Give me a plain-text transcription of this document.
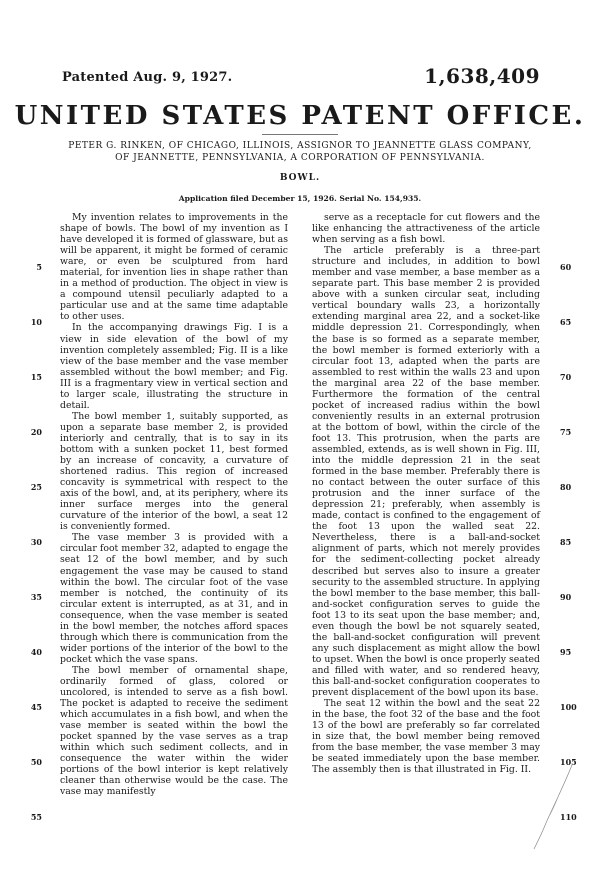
Patented Aug. 9, 1927.	1,638,409
UNITED STATES PATENT OFFICE.
PETER G. RINKEN, OF CHICAGO, ILLINOIS, ASSIGNOR TO JEANNETTE GLASS COMPANY,
OF JEANNETTE, PENNSYLVANIA, A CORPORATION OF PENNSYLVANIA.
BOWL.
Application filed December 15, 1926. Serial No. 154,935.

My invention relates to improvements in the shape of bowls. The bowl of my invention as I have developed it is formed of glassware, but as will be apparent, it might be formed of ceramic ware, or even be sculptured from hard material, for invention lies in shape rather than in a method of production. The object in view is a compound utensil peculiarly adapted to a particular use and at the same time adaptable to other uses.

In the accompanying drawings Fig. I is a view in side elevation of the bowl of my invention completely assembled; Fig. II is a like view of the base member and the vase member assembled without the bowl member; and Fig. III is a fragmentary view in vertical section and to larger scale, illustrating the structure in detail.

The bowl member 1, suitably supported, as upon a separate base member 2, is provided interiorly and centrally, that is to say in its bottom with a sunken pocket 11, best formed by an increase of concavity, a curvature of shortened radius. This region of increased concavity is symmetrical with respect to the axis of the bowl, and, at its periphery, where its inner surface merges into the general curvature of the interior of the bowl, a seat 12 is conveniently formed.

The vase member 3 is provided with a circular foot member 32, adapted to engage the seat 12 of the bowl member, and by such engagement the vase may be caused to stand within the bowl. The circular foot of the vase member is notched, the continuity of its circular extent is interrupted, as at 31, and in consequence, when the vase member is seated in the bowl member, the notches afford spaces through which there is communication from the wider portions of the interior of the bowl to the pocket which the vase spans.

The bowl member of ornamental shape, ordinarily formed of glass, colored or uncolored, is intended to serve as a fish bowl. The pocket is adapted to receive the sediment which accumulates in a fish bowl, and when the vase member is seated within the bowl the pocket spanned by the vase serves as a trap within which such sediment collects, and in consequence the water within the wider portions of the bowl interior is kept relatively cleaner than otherwise would be the case. The vase may manifestly

serve as a receptacle for cut flowers and the like enhancing the attractiveness of the article when serving as a fish bowl.

The article preferably is a three-part structure and includes, in addition to bowl member and vase member, a base member as a separate part. This base member 2 is provided above with a sunken circular seat, including vertical boundary walls 23, a horizontally extending marginal area 22, and a socket-like middle depression 21. Correspondingly, when the base is so formed as a separate member, the bowl member is formed exteriorly with a circular foot 13, adapted when the parts are assembled to rest within the walls 23 and upon the marginal area 22 of the base member. Furthermore the formation of the central pocket of increased radius within the bowl conveniently results in an external protrusion at the bottom of bowl, within the circle of the foot 13. This protrusion, when the parts are assembled, extends, as is well shown in Fig. III, into the middle depression 21 in the seat formed in the base member. Preferably there is no contact between the outer surface of this protrusion and the inner surface of the depression 21; preferably, when assembly is made, contact is confined to the engagement of the foot 13 upon the walled seat 22. Nevertheless, there is a ball-and-socket alignment of parts, which not merely provides for the sediment-collecting pocket already described but serves also to insure a greater security to the assembled structure. In applying the bowl member to the base member, this ball-and-socket configuration serves to guide the foot 13 to its seat upon the base member; and, even though the bowl be not squarely seated, the ball-and-socket configuration will prevent any such displacement as might allow the bowl to upset. When the bowl is once properly seated and filled with water, and so rendered heavy, this ball-and-socket configuration cooperates to prevent displacement of the bowl upon its base.

The seat 12 within the bowl and the seat 22 in the base, the foot 32 of the base and the foot 13 of the bowl are preferably so far correlated in size that, the bowl member being removed from the base member, the vase member 3 may be seated immediately upon the base member. The assembly then is that illustrated in Fig. II.

5
10
15
20
25
30
35
40
45
50
55
60
65
70
75
80
85
90
95
100
105
110
